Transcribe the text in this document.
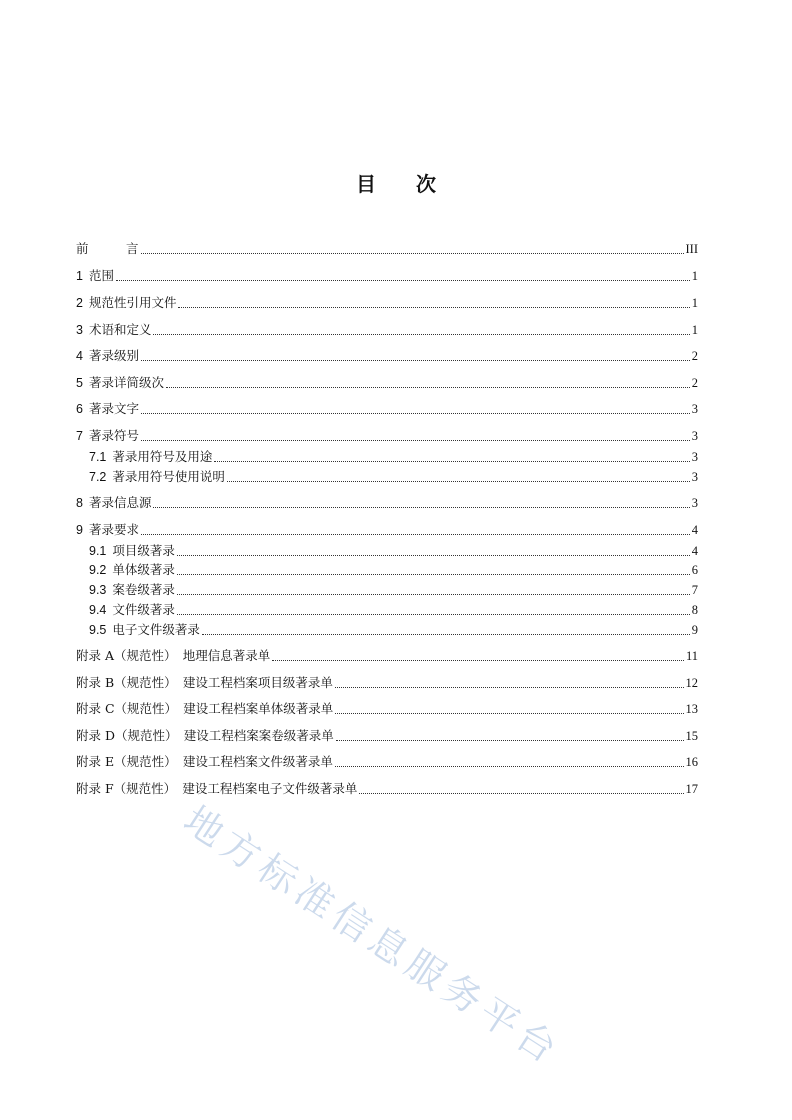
目 次
前　　　言	III
1 范围	1
2 规范性引用文件	1
3 术语和定义	1
4 著录级别	2
5 著录详简级次	2
6 著录文字	3
7 著录符号	3
7.1 著录用符号及用途	3
7.2 著录用符号使用说明	3
8 著录信息源	3
9 著录要求	4
9.1 项目级著录	4
9.2 单体级著录	6
9.3 案卷级著录	7
9.4 文件级著录	8
9.5 电子文件级著录	9
附录 A（规范性）　地理信息著录单	11
附录 B（规范性）　建设工程档案项目级著录单	12
附录 C（规范性）　建设工程档案单体级著录单	13
附录 D（规范性）　建设工程档案案卷级著录单	15
附录 E（规范性）　建设工程档案文件级著录单	16
附录 F（规范性）　建设工程档案电子文件级著录单	17
地方标准信息服务平台
